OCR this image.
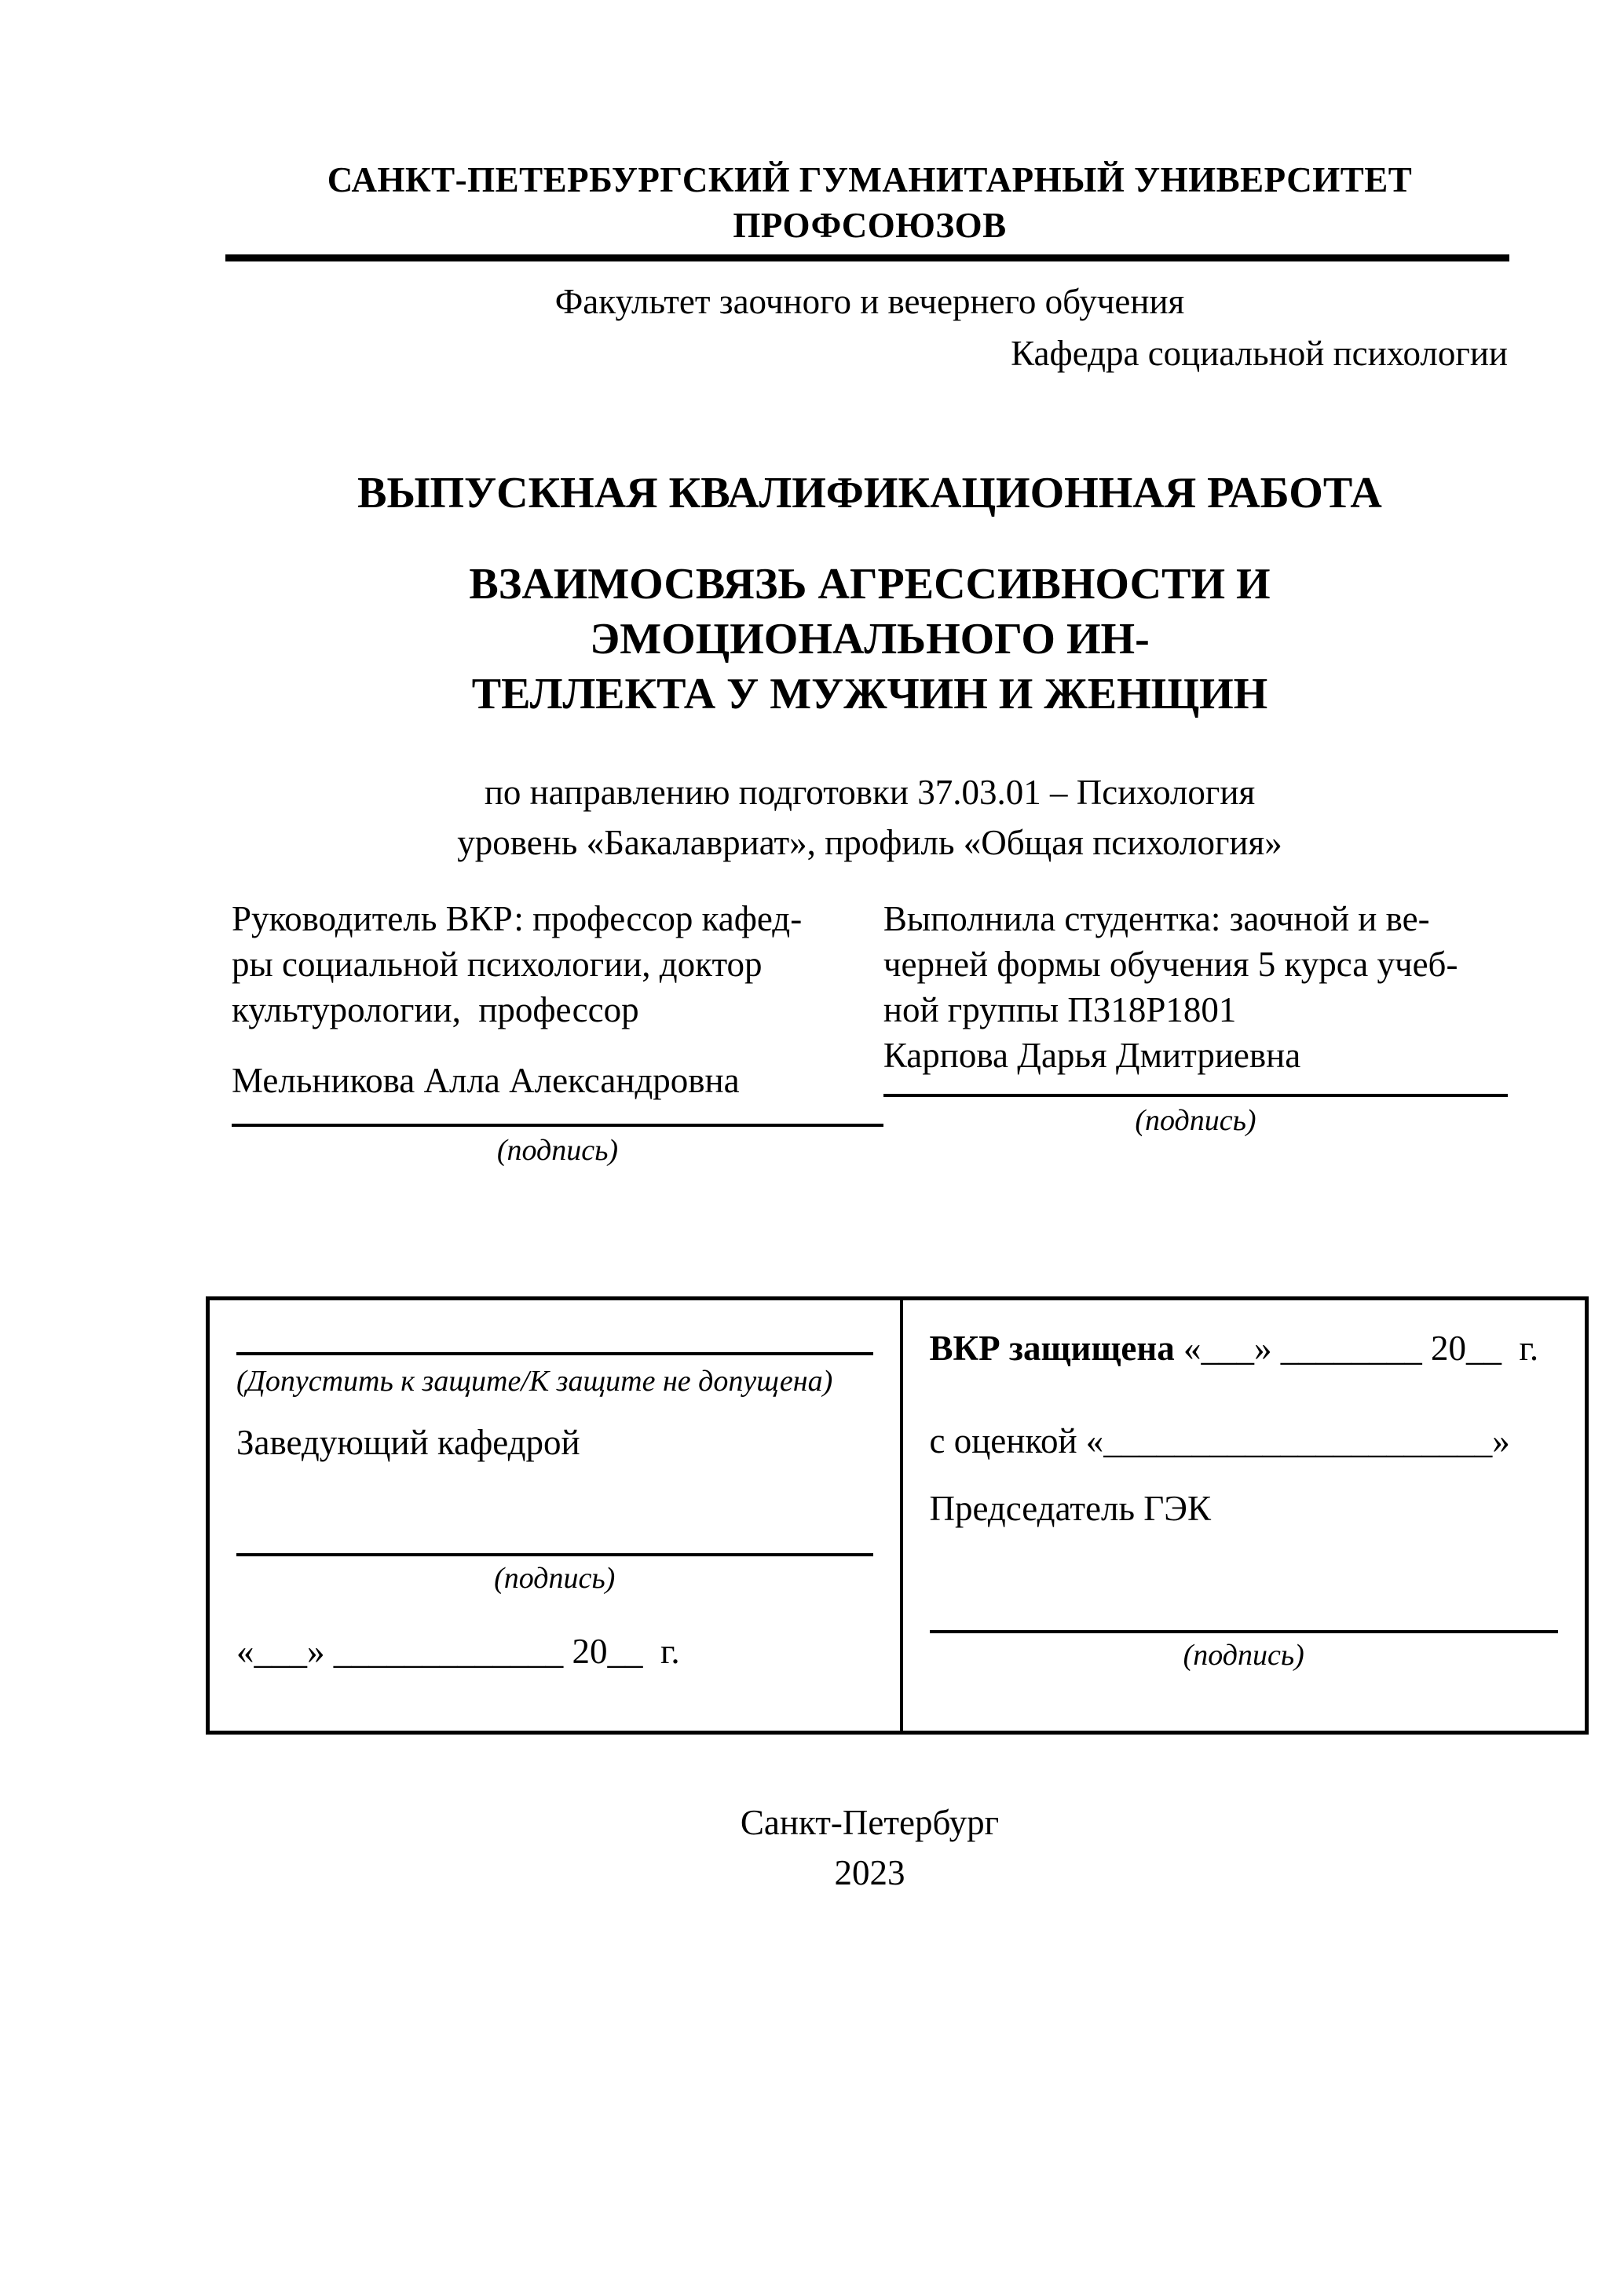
САНКТ-ПЕТЕРБУРГСКИЙ ГУМАНИТАРНЫЙ УНИВЕРСИТЕТ ПРОФСОЮЗОВ
Факультет заочного и вечернего обучения
Кафедра социальной психологии
ВЫПУСКНАЯ КВАЛИФИКАЦИОННАЯ РАБОТА
ВЗАИМОСВЯЗЬ АГРЕССИВНОСТИ И ЭМОЦИОНАЛЬНОГО ИН-
ТЕЛЛЕКТА У МУЖЧИН И ЖЕНЩИН
по направлению подготовки 37.03.01 – Психология
уровень «Бакалавриат», профиль «Общая психология»
Руководитель ВКР: профессор кафед-
ры социальной психологии, доктор
культурологии,  профессор
Мельникова Алла Александровна
(подпись)
Выполнила студентка: заочной и ве-
черней формы обучения 5 курса учеб-
ной группы ПЗ18Р1801
Карпова Дарья Дмитриевна
(подпись)
(Допустить к защите/К защите не допущена)
Заведующий кафедрой
(подпись)
«___» _____________ 20__  г.
ВКР защищена «___» ________ 20__  г.
с оценкой «______________________»
Председатель ГЭК
(подпись)
Санкт-Петербург
2023
